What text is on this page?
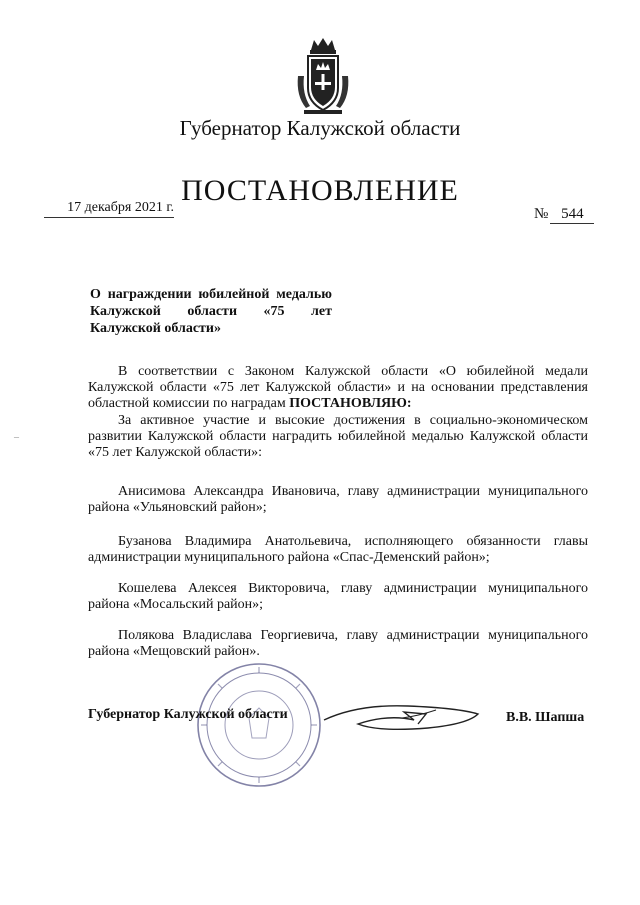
Губернатор Калужской области
ПОСТАНОВЛЕНИЕ
17 декабря 2021 г.	№ 544
–
О награждении юбилейной медалью Калужской области «75 лет Калужской области»
В соответствии с Законом Калужской области «О юбилейной медали Калужской области «75 лет Калужской области» и на основании представления областной комиссии по наградам ПОСТАНОВЛЯЮ:
За активное участие и высокие достижения в социально-экономическом развитии Калужской области наградить юбилейной медалью Калужской области «75 лет Калужской области»:
Анисимова Александра Ивановича, главу администрации муниципального района «Ульяновский район»;
Бузанова Владимира Анатольевича, исполняющего обязанности главы администрации муниципального района «Спас-Деменский район»;
Кошелева Алексея Викторовича, главу администрации муниципального района «Мосальский район»;
Полякова Владислава Георгиевича, главу администрации муниципального района «Мещовский район».
Губернатор Калужской области	В.В. Шапша
